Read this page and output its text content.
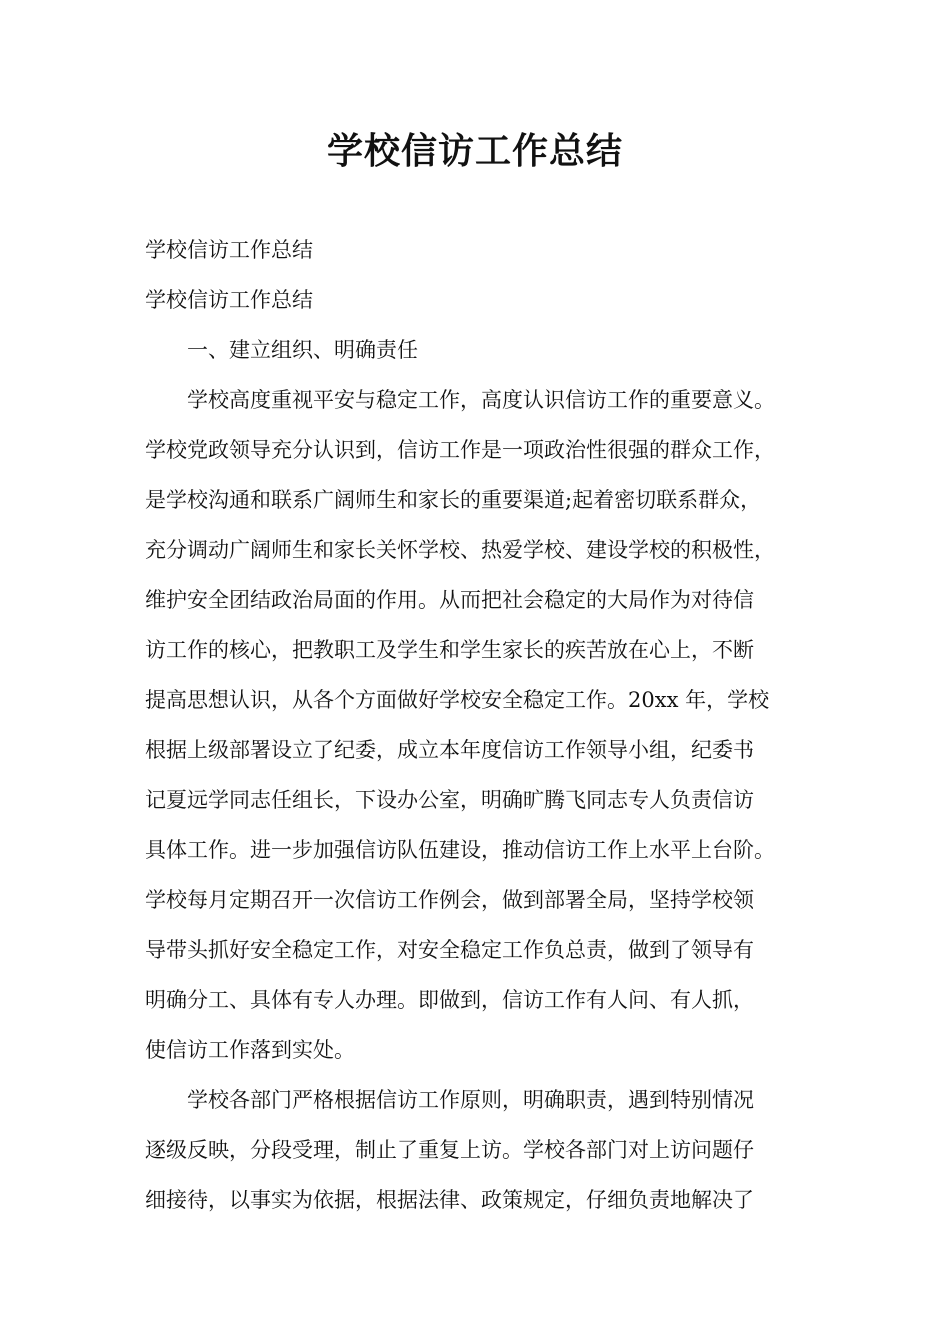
学校信访工作总结
学校信访工作总结
学校信访工作总结
　　一、建立组织、明确责任
　　学校高度重视平安与稳定工作，高度认识信访工作的重要意义。
学校党政领导充分认识到，信访工作是一项政治性很强的群众工作，
是学校沟通和联系广阔师生和家长的重要渠道;起着密切联系群众，
充分调动广阔师生和家长关怀学校、热爱学校、建设学校的积极性，
维护安全团结政治局面的作用。从而把社会稳定的大局作为对待信
访工作的核心，把教职工及学生和学生家长的疾苦放在心上，不断
提高思想认识，从各个方面做好学校安全稳定工作。20xx 年，学校
根据上级部署设立了纪委，成立本年度信访工作领导小组，纪委书
记夏远学同志任组长，下设办公室，明确旷腾飞同志专人负责信访
具体工作。进一步加强信访队伍建设，推动信访工作上水平上台阶。
学校每月定期召开一次信访工作例会，做到部署全局，坚持学校领
导带头抓好安全稳定工作，对安全稳定工作负总责，做到了领导有
明确分工、具体有专人办理。即做到，信访工作有人问、有人抓，
使信访工作落到实处。
　　学校各部门严格根据信访工作原则，明确职责，遇到特别情况
逐级反映，分段受理，制止了重复上访。学校各部门对上访问题仔
细接待，以事实为依据，根据法律、政策规定，仔细负责地解决了
